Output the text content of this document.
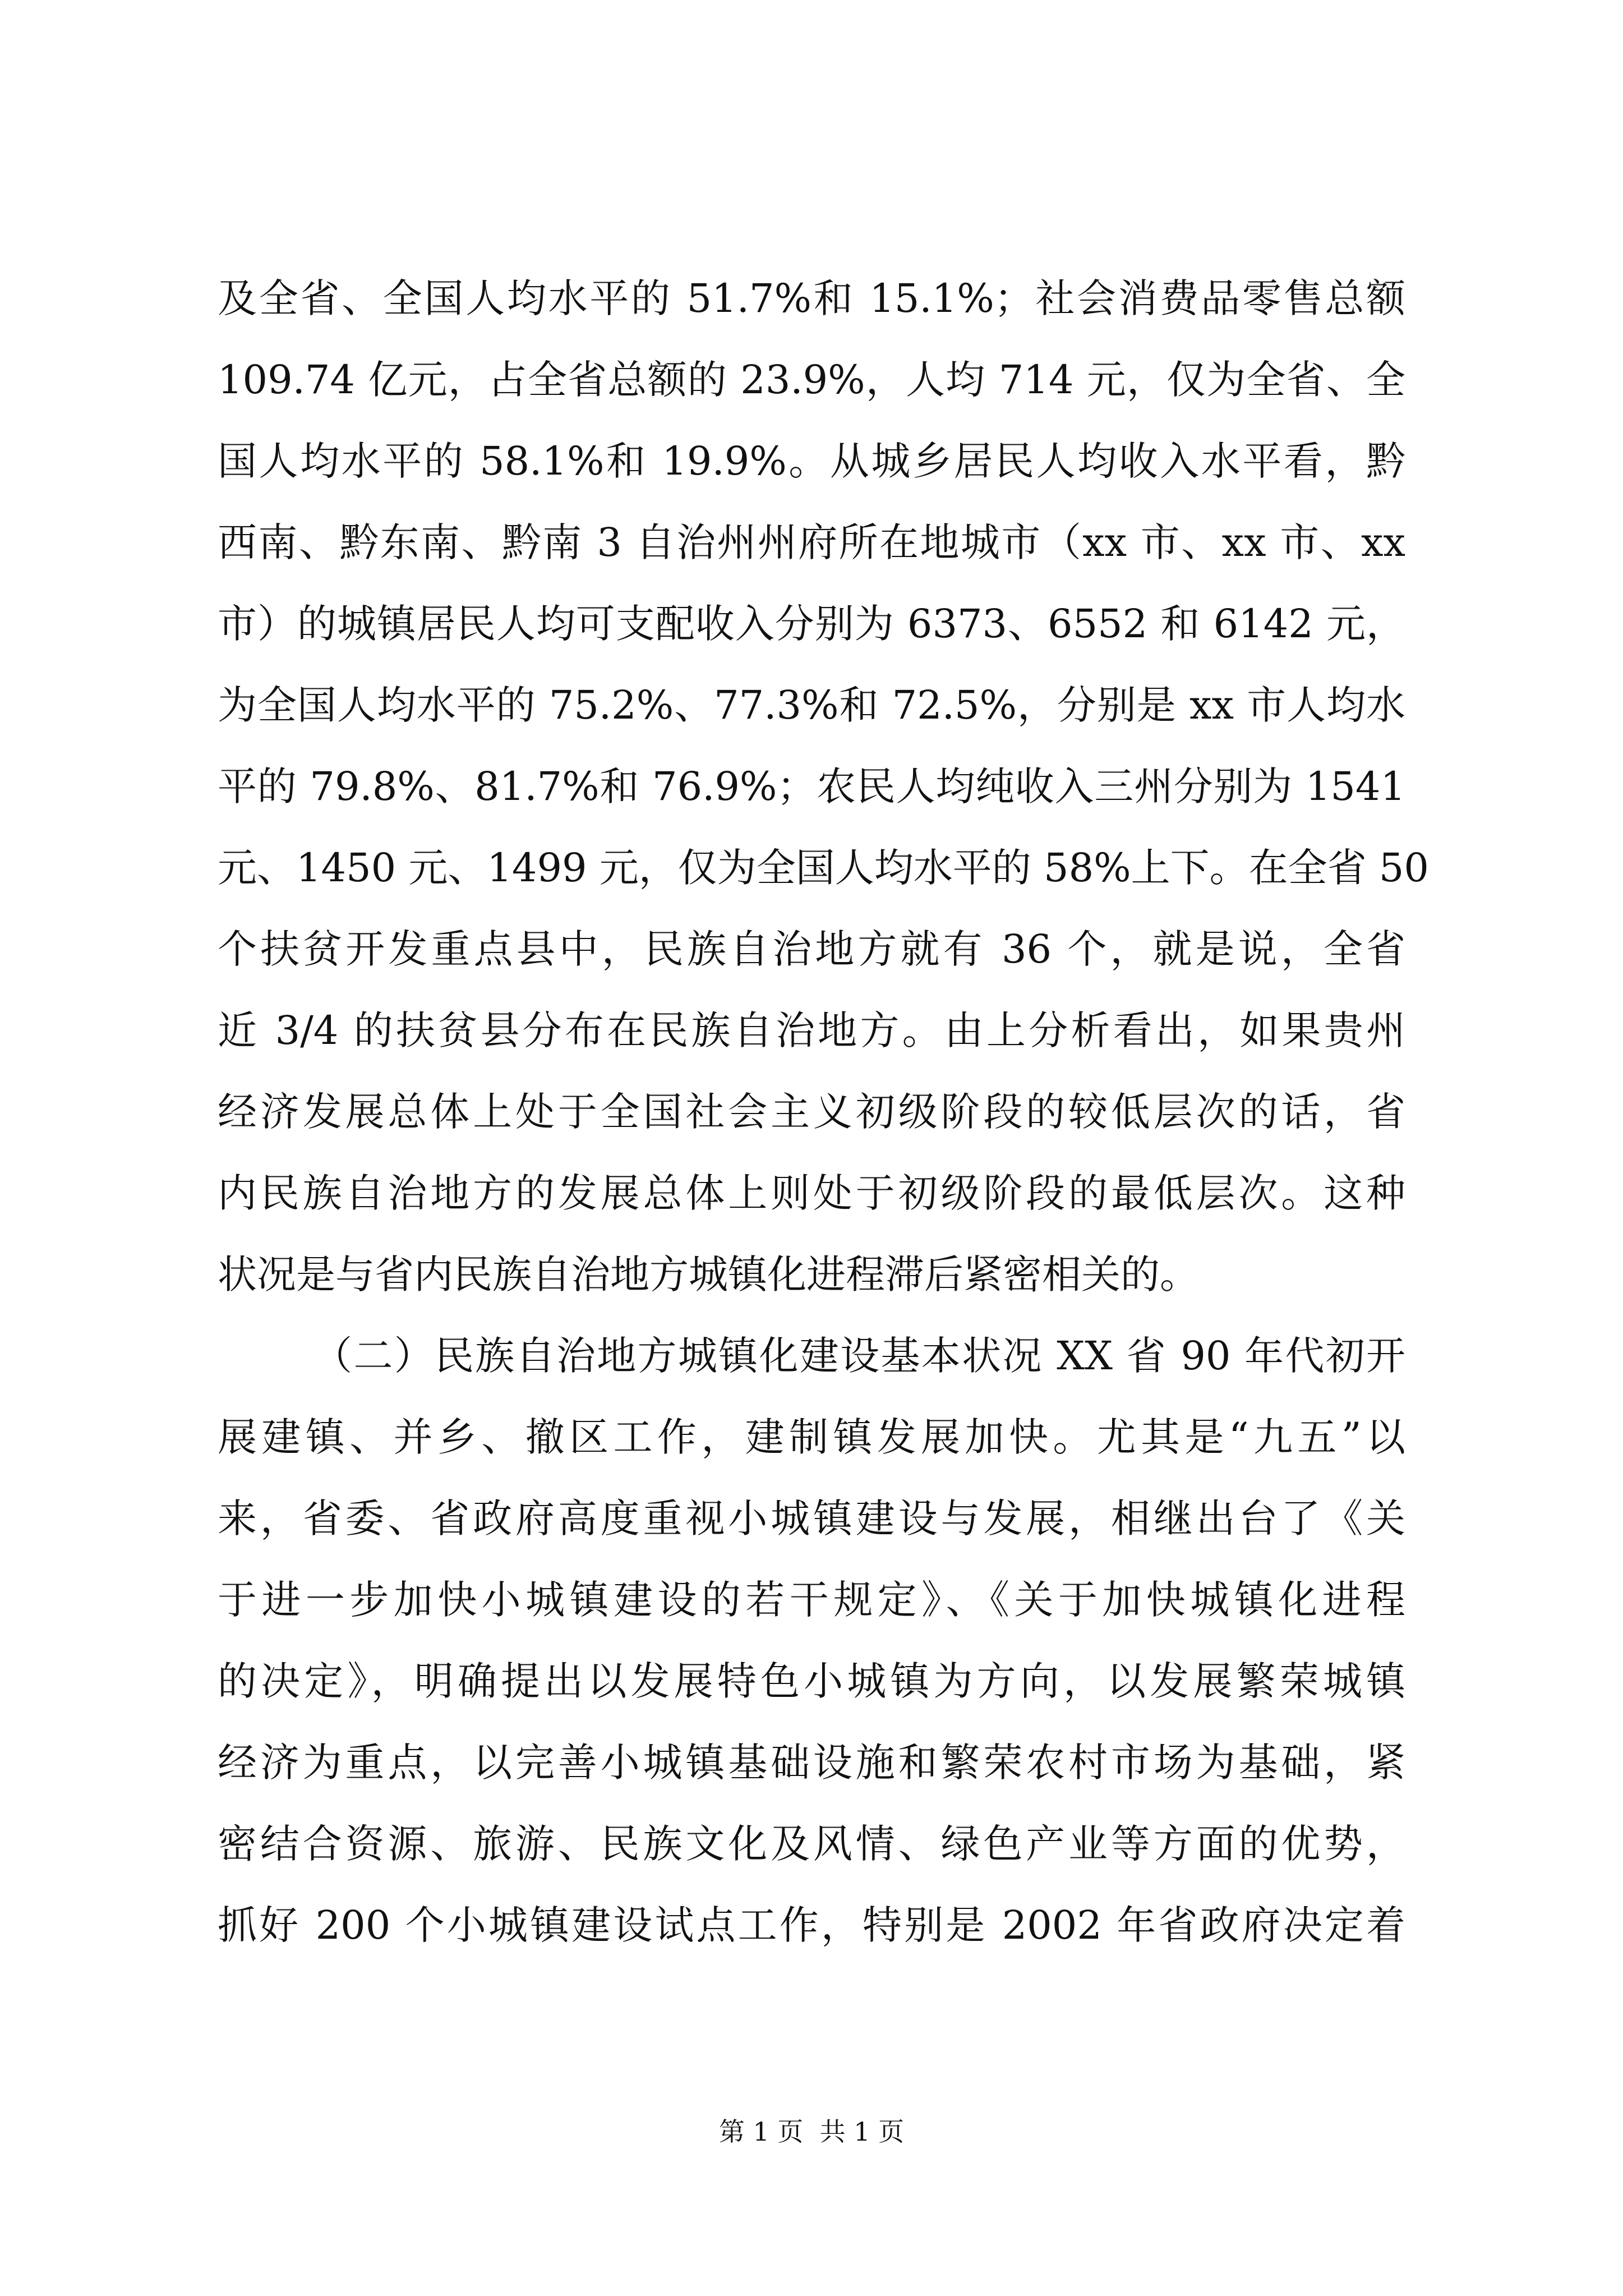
及全省、全国人均水平的 51.7%和 15.1%；社会消费品零售总额

109.74 亿元，占全省总额的 23.9%，人均 714 元，仅为全省、全

国人均水平的 58.1%和 19.9%。从城乡居民人均收入水平看，黔

西南、黔东南、黔南 3 自治州州府所在地城市（xx 市、xx 市、xx

市）的城镇居民人均可支配收入分别为 6373、6552 和 6142 元，

为全国人均水平的 75.2%、77.3%和 72.5%，分别是 xx 市人均水

平的 79.8%、81.7%和 76.9%；农民人均纯收入三州分别为 1541

元、1450 元、1499 元，仅为全国人均水平的 58%上下。在全省 50

个扶贫开发重点县中，民族自治地方就有 36 个，就是说，全省

近 3/4 的扶贫县分布在民族自治地方。由上分析看出，如果贵州

经济发展总体上处于全国社会主义初级阶段的较低层次的话，省

内民族自治地方的发展总体上则处于初级阶段的最低层次。这种

状况是与省内民族自治地方城镇化进程滞后紧密相关的。

（二）民族自治地方城镇化建设基本状况 XX 省 90 年代初开

展建镇、并乡、撤区工作，建制镇发展加快。尤其是“九五”以

来，省委、省政府高度重视小城镇建设与发展，相继出台了《关

于进一步加快小城镇建设的若干规定》、《关于加快城镇化进程

的决定》，明确提出以发展特色小城镇为方向，以发展繁荣城镇

经济为重点，以完善小城镇基础设施和繁荣农村市场为基础，紧

密结合资源、旅游、民族文化及风情、绿色产业等方面的优势，

抓好 200 个小城镇建设试点工作，特别是 2002 年省政府决定着

第 1 页  共 1 页
